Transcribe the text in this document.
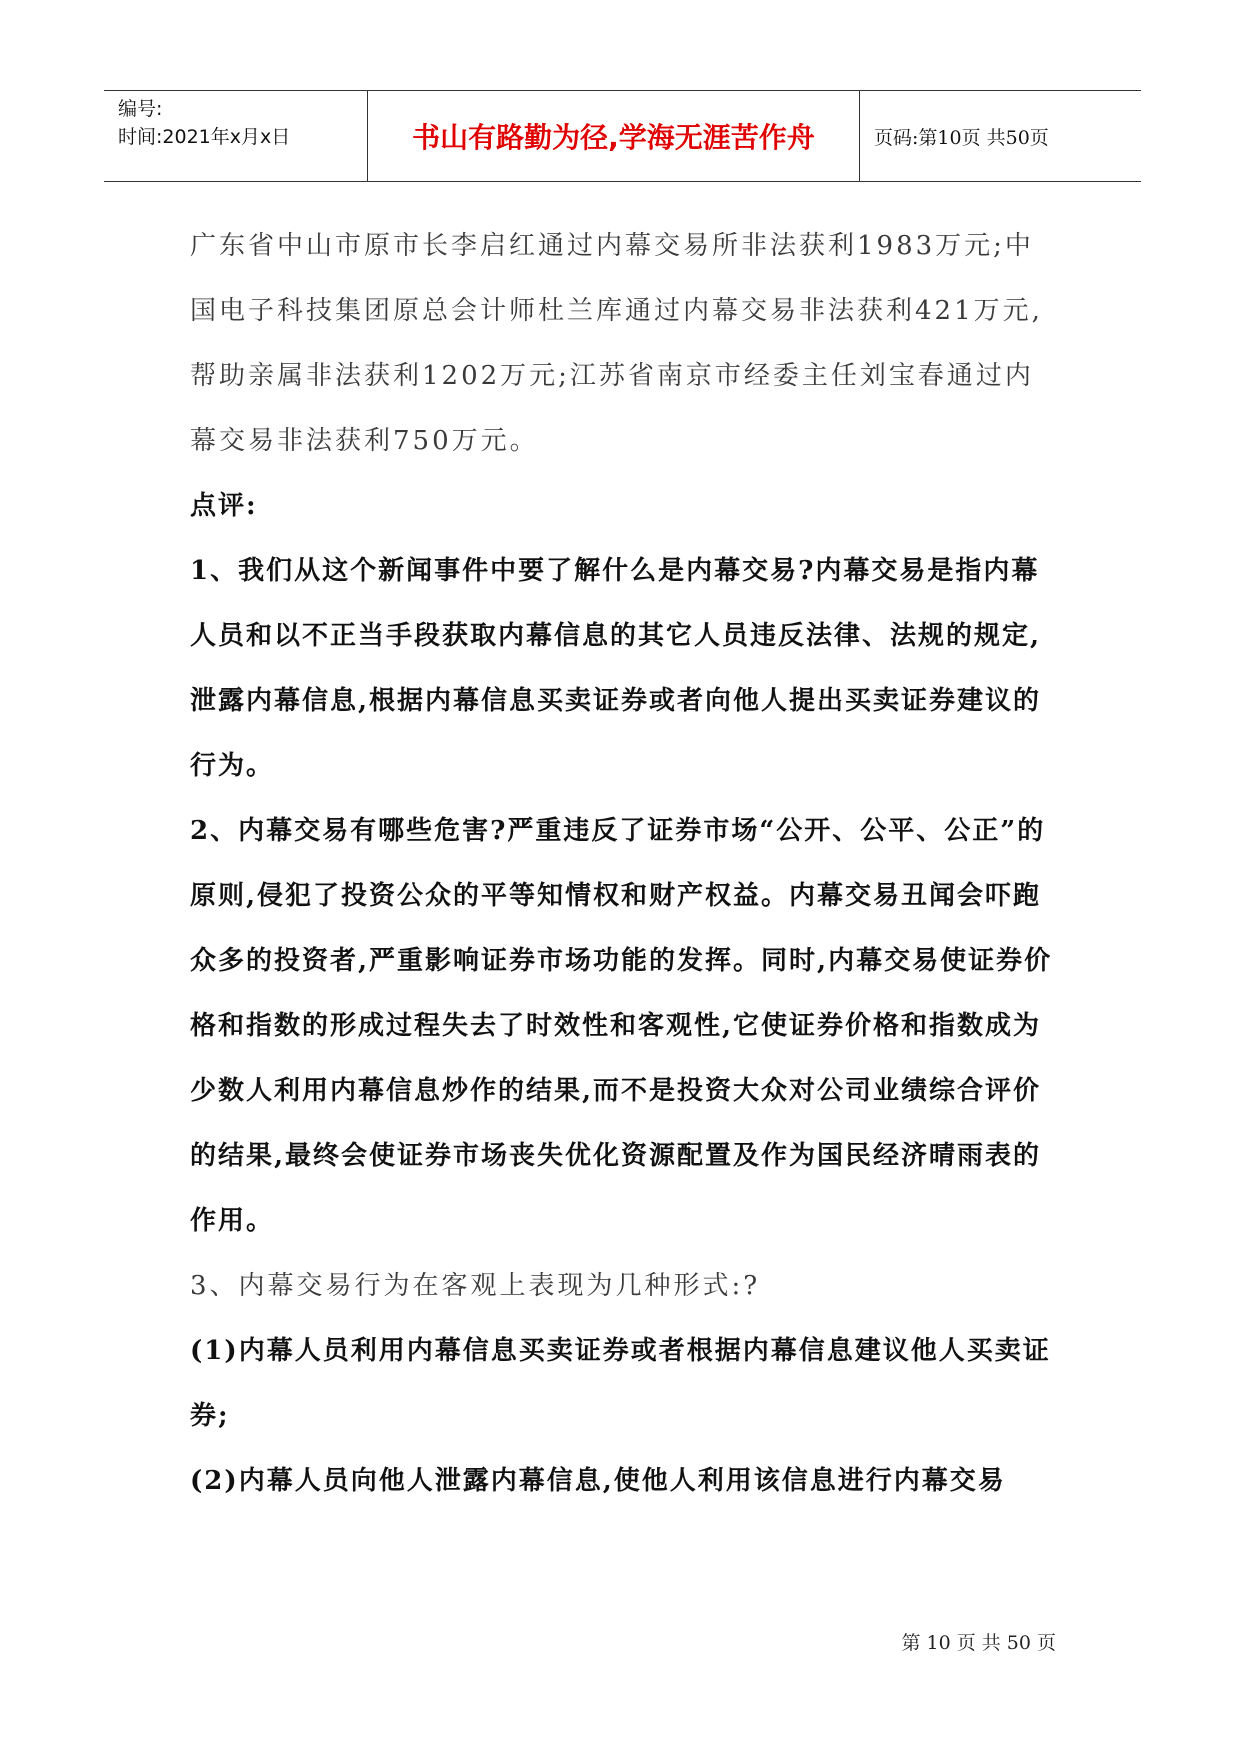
编号:
时间:2021年x月x日	书山有路勤为径,学海无涯苦作舟	页码:第10页 共50页

广东省中山市原市长李启红通过内幕交易所非法获利1983万元;中国电子科技集团原总会计师杜兰库通过内幕交易非法获利421万元,帮助亲属非法获利1202万元;江苏省南京市经委主任刘宝春通过内幕交易非法获利750万元。

点评:

1、我们从这个新闻事件中要了解什么是内幕交易?内幕交易是指内幕人员和以不正当手段获取内幕信息的其它人员违反法律、法规的规定,泄露内幕信息,根据内幕信息买卖证券或者向他人提出买卖证券建议的行为。

2、内幕交易有哪些危害?严重违反了证券市场“公开、公平、公正”的原则,侵犯了投资公众的平等知情权和财产权益。内幕交易丑闻会吓跑众多的投资者,严重影响证券市场功能的发挥。同时,内幕交易使证券价格和指数的形成过程失去了时效性和客观性,它使证券价格和指数成为少数人利用内幕信息炒作的结果,而不是投资大众对公司业绩综合评价的结果,最终会使证券市场丧失优化资源配置及作为国民经济晴雨表的作用。

3、内幕交易行为在客观上表现为几种形式:?

(1)内幕人员利用内幕信息买卖证券或者根据内幕信息建议他人买卖证券;

(2)内幕人员向他人泄露内幕信息,使他人利用该信息进行内幕交易

第 10 页 共 50 页
